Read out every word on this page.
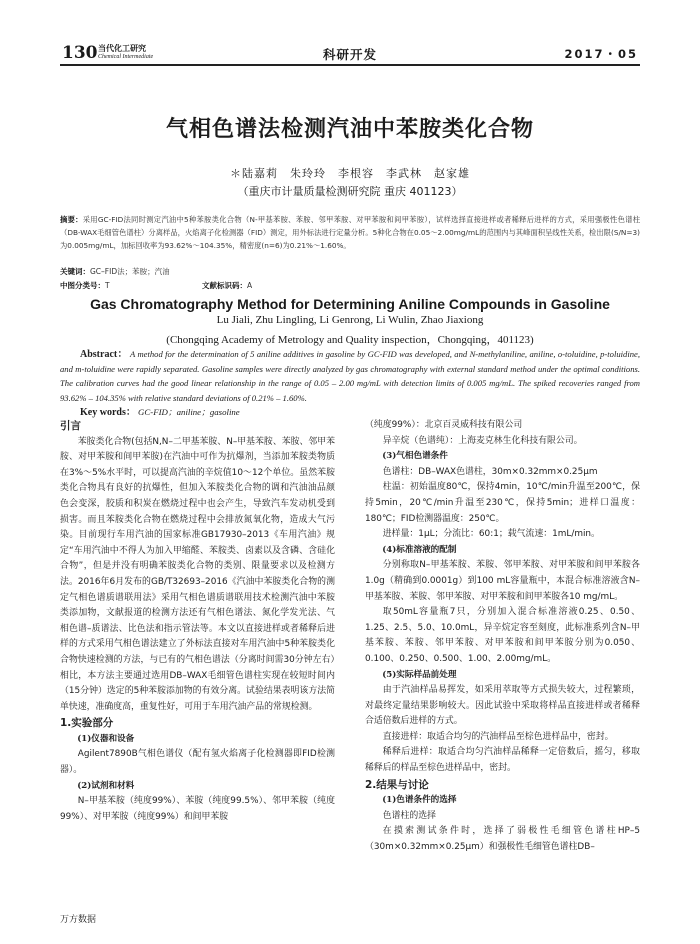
130 当代化工研究
Chemical Intermediate	科研开发	2017・05
气相色谱法检测汽油中苯胺类化合物
＊陆嘉莉　朱玲玲　李根容　李武林　赵家雄
（重庆市计量质量检测研究院 重庆 401123）
摘要：采用GC-FID法同时测定汽油中5种苯胺类化合物（N-甲基苯胺、苯胺、邻甲苯胺、对甲苯胺和间甲苯胺），试样选择直接进样或者稀释后进样的方式，采用强极性色谱柱（DB-WAX毛细管色谱柱）分离样品，火焰离子化检测器（FID）测定，用外标法进行定量分析。5种化合物在0.05～2.00mg/mL的范围内与其峰面积呈线性关系，检出限(S/N=3)为0.005mg/mL，加标回收率为93.62%～104.35%，精密度(n=6)为0.21%～1.60%。
关键词：GC–FID法；苯胺；汽油
中图分类号：T	文献标识码：A
Gas Chromatography Method for Determining Aniline Compounds in Gasoline
Lu Jiali, Zhu Lingling, Li Genrong, Li Wulin, Zhao Jiaxiong
(Chongqing Academy of Metrology and Quality inspection，Chongqing，401123)
Abstract： A method for the determination of 5 aniline additives in gasoline by GC-FID was developed, and N-methylaniline, aniline, o-toluidine, p-toluidine, and m-toluidine were rapidly separated. Gasoline samples were directly analyzed by gas chromatography with external standard method under the optimal conditions. The calibration curves had the good linear relationship in the range of 0.05 – 2.00 mg/mL with detection limits of 0.005 mg/mL. The spiked recoveries ranged from 93.62% – 104.35% with relative standard deviations of 0.21% – 1.60%.
Key words： GC-FID；aniline；gasoline
引言

苯胺类化合物(包括N,N–二甲基苯胺、N–甲基苯胺、苯胺、邻甲苯胺、对甲苯胺和间甲苯胺)在汽油中可作为抗爆剂，当添加苯胺类物质在3%～5%水平时，可以提高汽油的辛烷值10～12个单位。虽然苯胺类化合物具有良好的抗爆性，但加入苯胺类化合物的调和汽油油品颜色会变深，胶质和积炭在燃烧过程中也会产生，导致汽车发动机受到损害。而且苯胺类化合物在燃烧过程中会排放氮氧化物，造成大气污染。目前现行车用汽油的国家标准GB17930–2013《车用汽油》规定“车用汽油中不得人为加入甲缩醛、苯胺类、卤素以及含磷、含硅化合物”，但是并没有明确苯胺类化合物的类别、限量要求以及检测方法。2016年6月发布的GB/T32693–2016《汽油中苯胺类化合物的测定气相色谱质谱联用法》采用气相色谱质谱联用技术检测汽油中苯胺类添加物，文献报道的检测方法还有气相色谱法、氮化学发光法、气相色谱–质谱法、比色法和指示管法等。本文以直接进样或者稀释后进样的方式采用气相色谱法建立了外标法直接对车用汽油中5种苯胺类化合物快速检测的方法，与已有的气相色谱法（分离时间需30分钟左右）相比，本方法主要通过选用DB–WAX毛细管色谱柱实现在较短时间内（15分钟）选定的5种苯胺添加物的有效分离。试验结果表明该方法简单快速，准确度高，重复性好，可用于车用汽油产品的常规检测。

1.实验部分
(1)仪器和设备

Agilent7890B气相色谱仪（配有氢火焰离子化检测器即FID检测器）。

(2)试剂和材料

N–甲基苯胺（纯度99%）、苯胺（纯度99.5%）、邻甲苯胺（纯度99%）、对甲苯胺（纯度99%）和间甲苯胺

（纯度99%）：北京百灵威科技有限公司

异辛烷（色谱纯）：上海麦克林生化科技有限公司。

(3)气相色谱条件

色谱柱：DB–WAX色谱柱，30m×0.32mm×0.25μm

柱温：初始温度80℃，保持4min，10℃/min升温至200℃，保持5min，20℃/min升温至230℃，保持5min；进样口温度：180℃；FID检测器温度：250℃。

进样量：1μL；分流比：60:1；载气流速：1mL/min。

(4)标准溶液的配制

分别称取N–甲基苯胺、苯胺、邻甲苯胺、对甲苯胺和间甲苯胺各1.0g（精确到0.0001g）到100 mL容量瓶中，本混合标准溶液含N–甲基苯胺、苯胺、邻甲苯胺、对甲苯胺和间甲苯胺各10 mg/mL。

取50mL容量瓶7只，分别加入混合标准溶液0.25、0.50、1.25、2.5、5.0、10.0mL，异辛烷定容至刻度，此标准系列含N–甲基苯胺、苯胺、邻甲苯胺、对甲苯胺和间甲苯胺分别为0.050、0.100、0.250、0.500、1.00、2.00mg/mL。

(5)实际样品前处理

由于汽油样品易挥发，如采用萃取等方式损失较大，过程繁琐，对最终定量结果影响较大。因此试验中采取将样品直接进样或者稀释合适倍数后进样的方式。

直接进样：取适合均匀的汽油样品至棕色进样品中，密封。

稀释后进样：取适合均匀汽油样品稀释一定倍数后，摇匀，移取稀释后的样品至棕色进样品中，密封。

2.结果与讨论
(1)色谱条件的选择

色谱柱的选择

在摸索测试条件时，选择了弱极性毛细管色谱柱HP–5（30m×0.32mm×0.25μm）和强极性毛细管色谱柱DB–

万方数据
